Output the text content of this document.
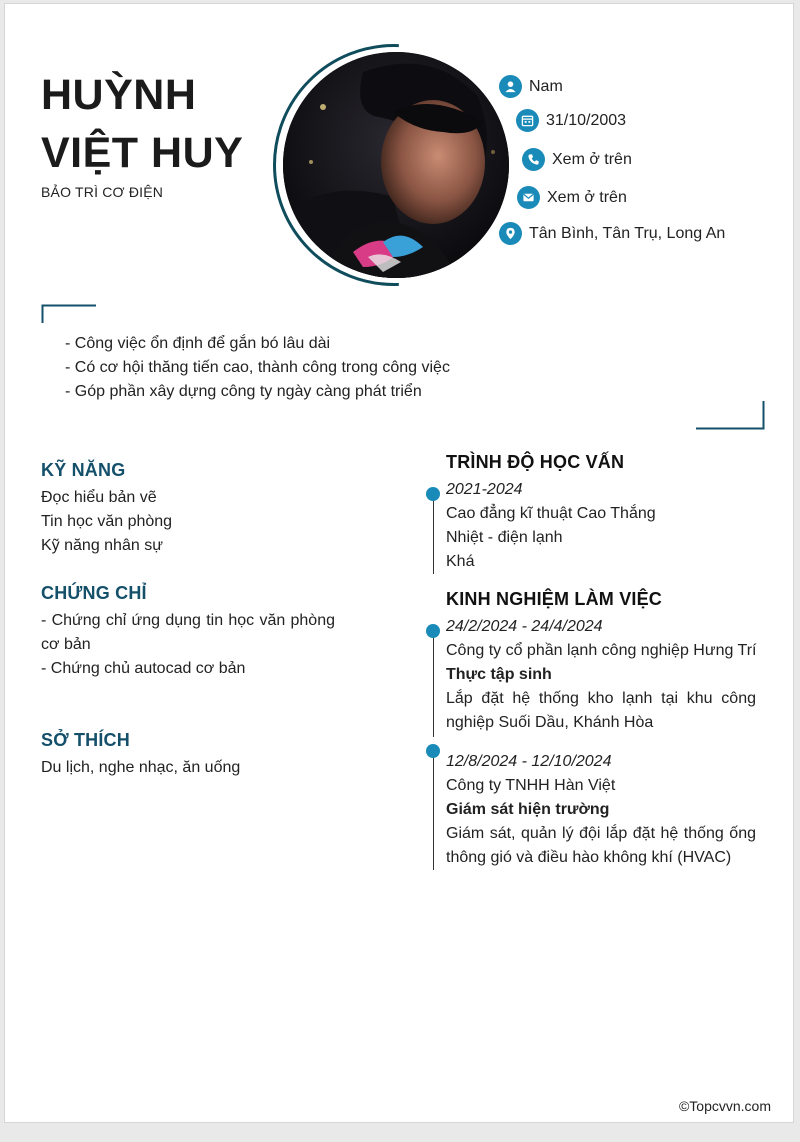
HUỲNH
VIỆT HUY
BẢO TRÌ CƠ ĐIỆN
Nam
31/10/2003
Xem ở trên
Xem ở trên
Tân Bình, Tân Trụ, Long An
- Công việc ổn định để gắn bó lâu dài
- Có cơ hội thăng tiến cao, thành công trong công việc
- Góp phần xây dựng công ty ngày càng phát triển
KỸ NĂNG
Đọc hiểu bản vẽ
Tin học văn phòng
Kỹ năng nhân sự
CHỨNG CHỈ
- Chứng chỉ ứng dụng tin học văn phòng cơ bản
- Chứng chủ autocad cơ bản
SỞ THÍCH
Du lịch, nghe nhạc, ăn uống
TRÌNH ĐỘ HỌC VẤN
2021-2024
Cao đẳng kĩ thuật Cao Thắng
Nhiệt - điện lạnh
Khá
KINH NGHIỆM LÀM VIỆC
24/2/2024 - 24/4/2024
Công ty cổ phần lạnh công nghiệp Hưng Trí
Thực tập sinh
Lắp đặt hệ thống kho lạnh tại khu công nghiệp Suối Dầu, Khánh Hòa
12/8/2024 - 12/10/2024
Công ty TNHH Hàn Việt
Giám sát hiện trường
Giám sát, quản lý đội lắp đặt hệ thống ống thông gió và điều hào không khí (HVAC)
©Topcvvn.com
